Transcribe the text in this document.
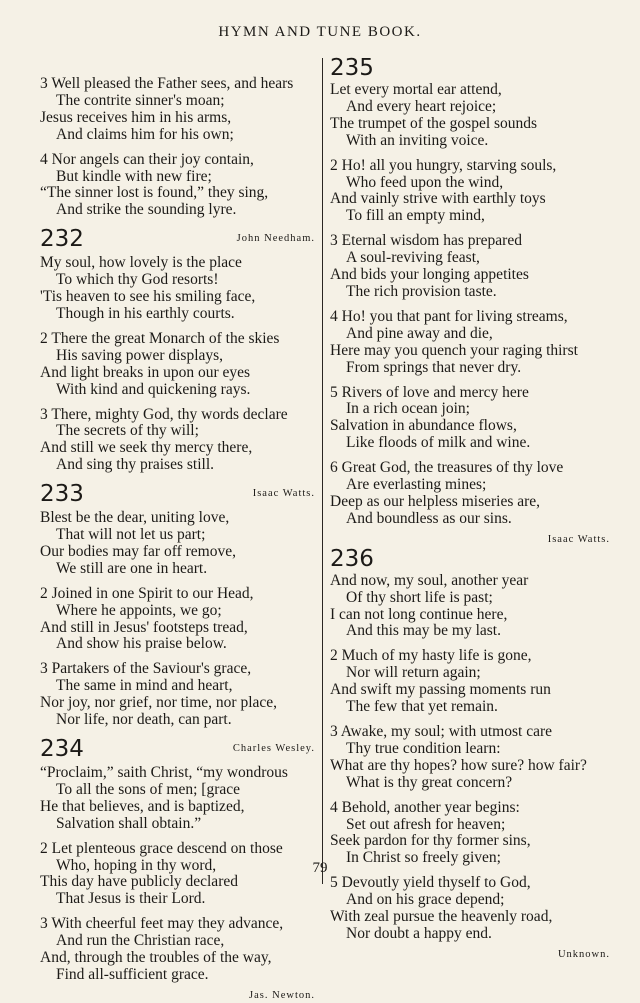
HYMN AND TUNE BOOK.
3 Well pleased the Father sees, and hears
The contrite sinner's moan;
Jesus receives him in his arms,
And claims him for his own;
4 Nor angels can their joy contain,
But kindle with new fire;
“The sinner lost is found,” they sing,
And strike the sounding lyre.
232	John Needham.
My soul, how lovely is the place
To which thy God resorts!
'Tis heaven to see his smiling face,
Though in his earthly courts.
2 There the great Monarch of the skies
His saving power displays,
And light breaks in upon our eyes
With kind and quickening rays.
3 There, mighty God, thy words declare
The secrets of thy will;
And still we seek thy mercy there,
And sing thy praises still.
233	Isaac Watts.
Blest be the dear, uniting love,
That will not let us part;
Our bodies may far off remove,
We still are one in heart.
2 Joined in one Spirit to our Head,
Where he appoints, we go;
And still in Jesus' footsteps tread,
And show his praise below.
3 Partakers of the Saviour's grace,
The same in mind and heart,
Nor joy, nor grief, nor time, nor place,
Nor life, nor death, can part.
234	Charles Wesley.
“Proclaim,” saith Christ, “my wondrous
To all the sons of men; [grace
He that believes, and is baptized,
Salvation shall obtain.”
2 Let plenteous grace descend on those
Who, hoping in thy word,
This day have publicly declared
That Jesus is their Lord.
3 With cheerful feet may they advance,
And run the Christian race,
And, through the troubles of the way,
Find all-sufficient grace.
Jas. Newton.
235
Let every mortal ear attend,
And every heart rejoice;
The trumpet of the gospel sounds
With an inviting voice.
2 Ho! all you hungry, starving souls,
Who feed upon the wind,
And vainly strive with earthly toys
To fill an empty mind,
3 Eternal wisdom has prepared
A soul-reviving feast,
And bids your longing appetites
The rich provision taste.
4 Ho! you that pant for living streams,
And pine away and die,
Here may you quench your raging thirst
From springs that never dry.
5 Rivers of love and mercy here
In a rich ocean join;
Salvation in abundance flows,
Like floods of milk and wine.
6 Great God, the treasures of thy love
Are everlasting mines;
Deep as our helpless miseries are,
And boundless as our sins.
Isaac Watts.
236
And now, my soul, another year
Of thy short life is past;
I can not long continue here,
And this may be my last.
2 Much of my hasty life is gone,
Nor will return again;
And swift my passing moments run
The few that yet remain.
3 Awake, my soul; with utmost care
Thy true condition learn:
What are thy hopes? how sure? how fair?
What is thy great concern?
4 Behold, another year begins:
Set out afresh for heaven;
Seek pardon for thy former sins,
In Christ so freely given;
5 Devoutly yield thyself to God,
And on his grace depend;
With zeal pursue the heavenly road,
Nor doubt a happy end.
Unknown.
79
